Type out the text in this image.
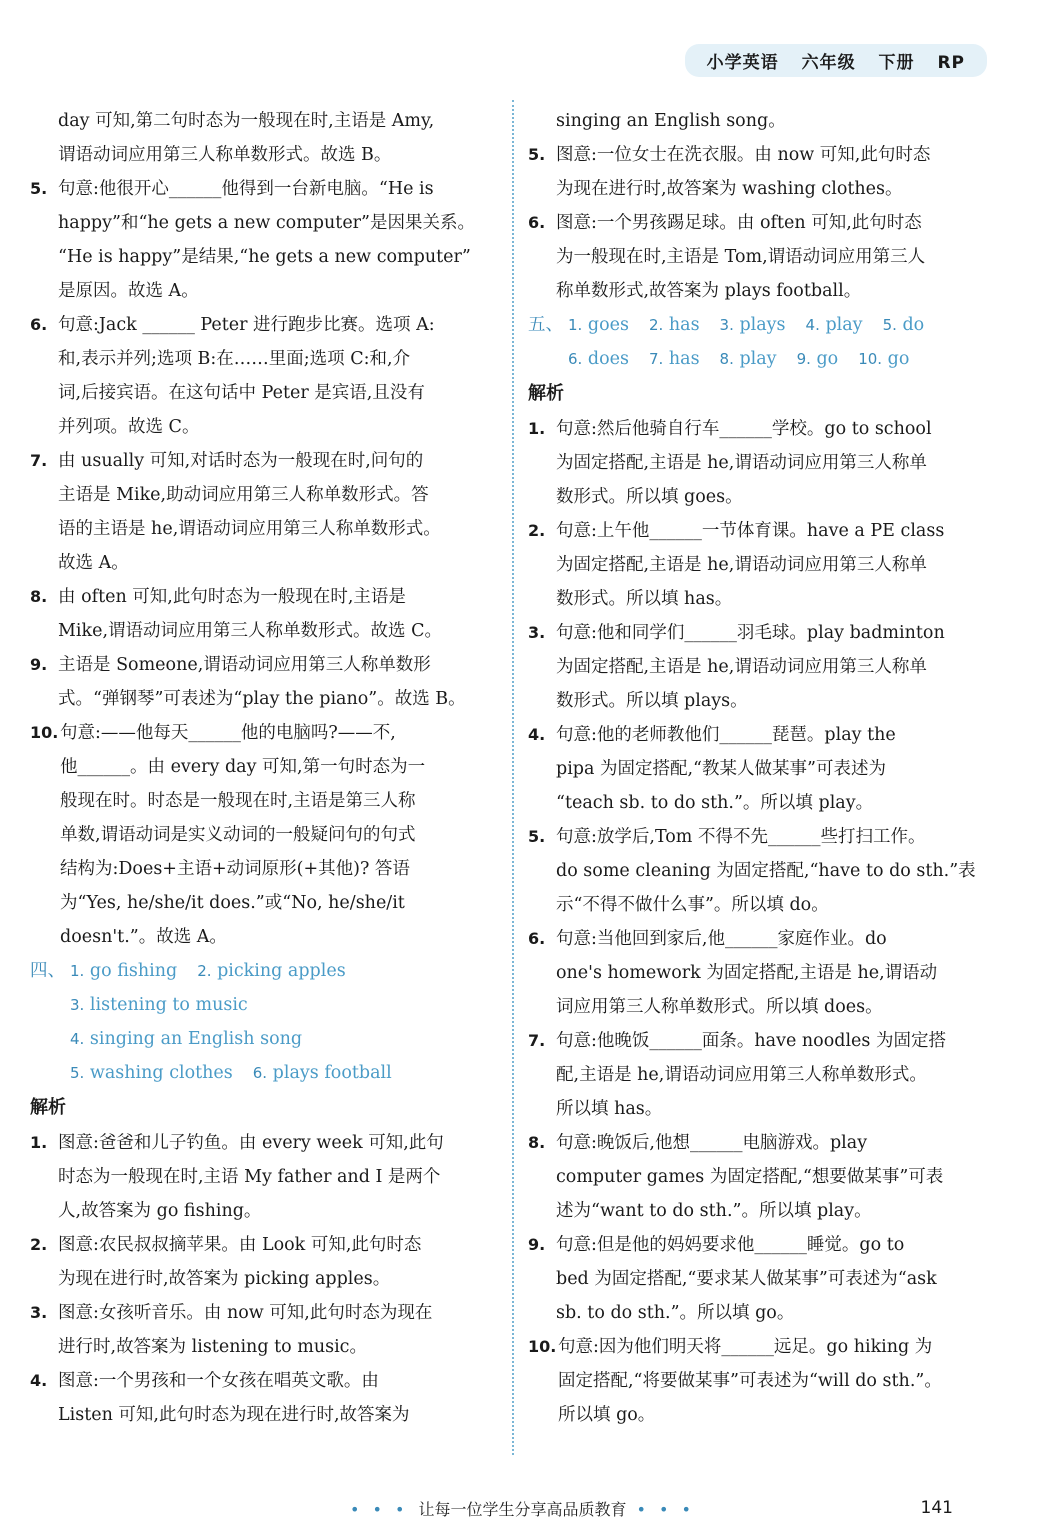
小学英语 六年级 下册 RP
day 可知,第二句时态为一般现在时,主语是 Amy,
谓语动词应用第三人称单数形式。故选 B。
5. 句意:他很开心______他得到一台新电脑。“He is
happy”和“he gets a new computer”是因果关系。
“He is happy”是结果,“he gets a new computer”
是原因。故选 A。
6. 句意:Jack ______ Peter 进行跑步比赛。选项 A:
和,表示并列;选项 B:在……里面;选项 C:和,介
词,后接宾语。在这句话中 Peter 是宾语,且没有
并列项。故选 C。
7. 由 usually 可知,对话时态为一般现在时,问句的
主语是 Mike,助动词应用第三人称单数形式。答
语的主语是 he,谓语动词应用第三人称单数形式。
故选 A。
8. 由 often 可知,此句时态为一般现在时,主语是
Mike,谓语动词应用第三人称单数形式。故选 C。
9. 主语是 Someone,谓语动词应用第三人称单数形
式。“弹钢琴”可表述为“play the piano”。故选 B。
10. 句意:——他每天______他的电脑吗?——不,
他______。由 every day 可知,第一句时态为一
般现在时。时态是一般现在时,主语是第三人称
单数,谓语动词是实义动词的一般疑问句的句式
结构为:Does+主语+动词原形(+其他)? 答语
为“Yes, he/she/it does.”或“No, he/she/it
doesn't.”。故选 A。
四、 1. go fishing 2. picking apples
3. listening to music
4. singing an English song
5. washing clothes 6. plays football
解析
1. 图意:爸爸和儿子钓鱼。由 every week 可知,此句
时态为一般现在时,主语 My father and I 是两个
人,故答案为 go fishing。
2. 图意:农民叔叔摘苹果。由 Look 可知,此句时态
为现在进行时,故答案为 picking apples。
3. 图意:女孩听音乐。由 now 可知,此句时态为现在
进行时,故答案为 listening to music。
4. 图意:一个男孩和一个女孩在唱英文歌。由
Listen 可知,此句时态为现在进行时,故答案为
singing an English song。
5. 图意:一位女士在洗衣服。由 now 可知,此句时态
为现在进行时,故答案为 washing clothes。
6. 图意:一个男孩踢足球。由 often 可知,此句时态
为一般现在时,主语是 Tom,谓语动词应用第三人
称单数形式,故答案为 plays football。
五、 1. goes 2. has 3. plays 4. play 5. do
6. does 7. has 8. play 9. go 10. go
解析
1. 句意:然后他骑自行车______学校。go to school
为固定搭配,主语是 he,谓语动词应用第三人称单
数形式。所以填 goes。
2. 句意:上午他______一节体育课。have a PE class
为固定搭配,主语是 he,谓语动词应用第三人称单
数形式。所以填 has。
3. 句意:他和同学们______羽毛球。play badminton
为固定搭配,主语是 he,谓语动词应用第三人称单
数形式。所以填 plays。
4. 句意:他的老师教他们______琵琶。play the
pipa 为固定搭配,“教某人做某事”可表述为
“teach sb. to do sth.”。所以填 play。
5. 句意:放学后,Tom 不得不先______些打扫工作。
do some cleaning 为固定搭配,“have to do sth.”表
示“不得不做什么事”。所以填 do。
6. 句意:当他回到家后,他______家庭作业。do
one's homework 为固定搭配,主语是 he,谓语动
词应用第三人称单数形式。所以填 does。
7. 句意:他晚饭______面条。have noodles 为固定搭
配,主语是 he,谓语动词应用第三人称单数形式。
所以填 has。
8. 句意:晚饭后,他想______电脑游戏。play
computer games 为固定搭配,“想要做某事”可表
述为“want to do sth.”。所以填 play。
9. 句意:但是他的妈妈要求他______睡觉。go to
bed 为固定搭配,“要求某人做某事”可表述为“ask
sb. to do sth.”。所以填 go。
10. 句意:因为他们明天将______远足。go hiking 为
固定搭配,“将要做某事”可表述为“will do sth.”。
所以填 go。
• • • 让每一位学生分享高品质教育 • • •	141
